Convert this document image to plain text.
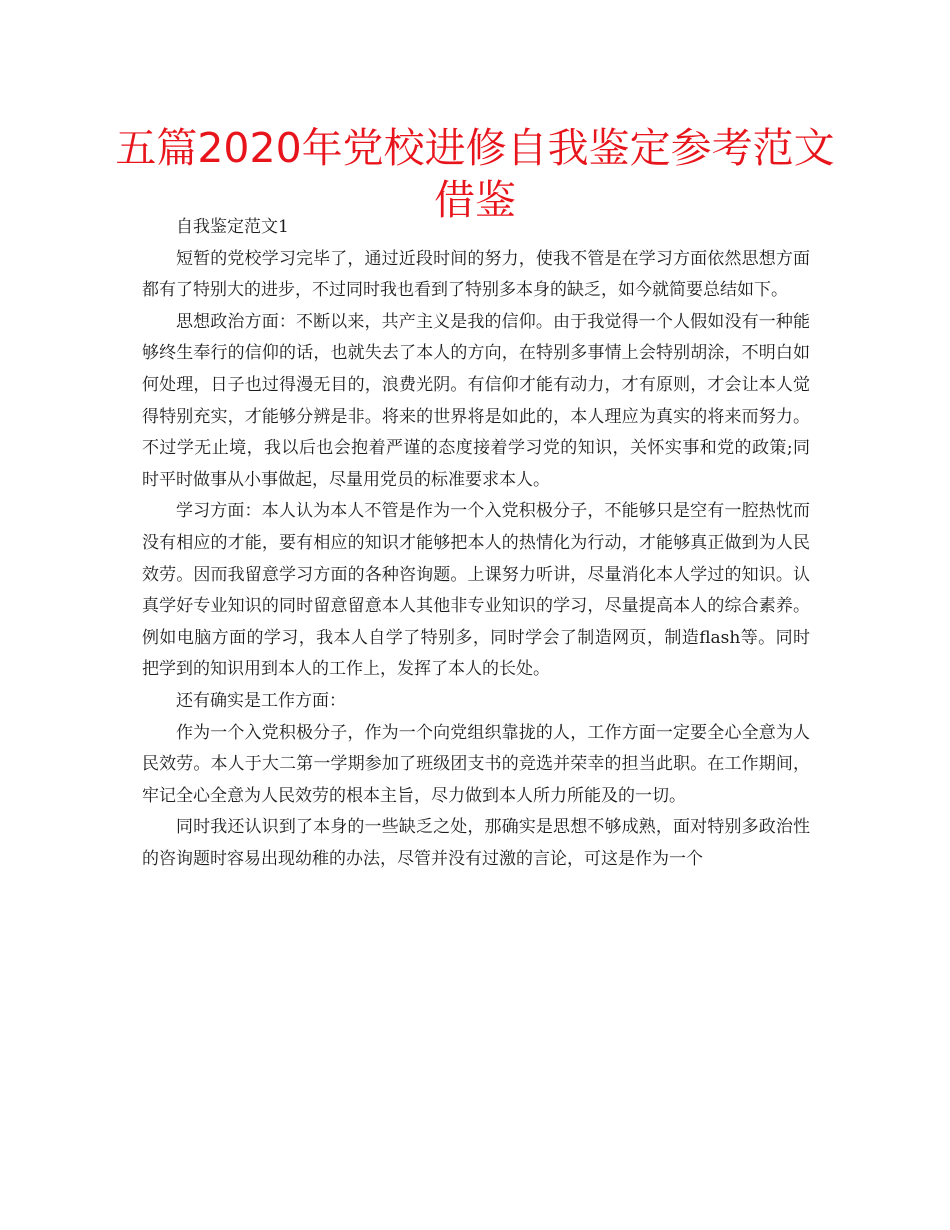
五篇2020年党校进修自我鉴定参考范文借鉴

自我鉴定范文1

短暂的党校学习完毕了，通过近段时间的努力，使我不管是在学习方面依然思想方面都有了特别大的进步，不过同时我也看到了特别多本身的缺乏，如今就简要总结如下。

思想政治方面：不断以来，共产主义是我的信仰。由于我觉得一个人假如没有一种能够终生奉行的信仰的话，也就失去了本人的方向，在特别多事情上会特别胡涂，不明白如何处理，日子也过得漫无目的，浪费光阴。有信仰才能有动力，才有原则，才会让本人觉得特别充实，才能够分辨是非。将来的世界将是如此的，本人理应为真实的将来而努力。不过学无止境，我以后也会抱着严谨的态度接着学习党的知识，关怀实事和党的政策;同时平时做事从小事做起，尽量用党员的标准要求本人。

学习方面：本人认为本人不管是作为一个入党积极分子，不能够只是空有一腔热忱而没有相应的才能，要有相应的知识才能够把本人的热情化为行动，才能够真正做到为人民效劳。因而我留意学习方面的各种咨询题。上课努力听讲，尽量消化本人学过的知识。认真学好专业知识的同时留意留意本人其他非专业知识的学习，尽量提高本人的综合素养。例如电脑方面的学习，我本人自学了特别多，同时学会了制造网页，制造flash等。同时把学到的知识用到本人的工作上，发挥了本人的长处。

还有确实是工作方面：

作为一个入党积极分子，作为一个向党组织靠拢的人，工作方面一定要全心全意为人民效劳。本人于大二第一学期参加了班级团支书的竞选并荣幸的担当此职。在工作期间，牢记全心全意为人民效劳的根本主旨，尽力做到本人所力所能及的一切。

同时我还认识到了本身的一些缺乏之处，那确实是思想不够成熟，面对特别多政治性的咨询题时容易出现幼稚的办法，尽管并没有过激的言论，可这是作为一个
